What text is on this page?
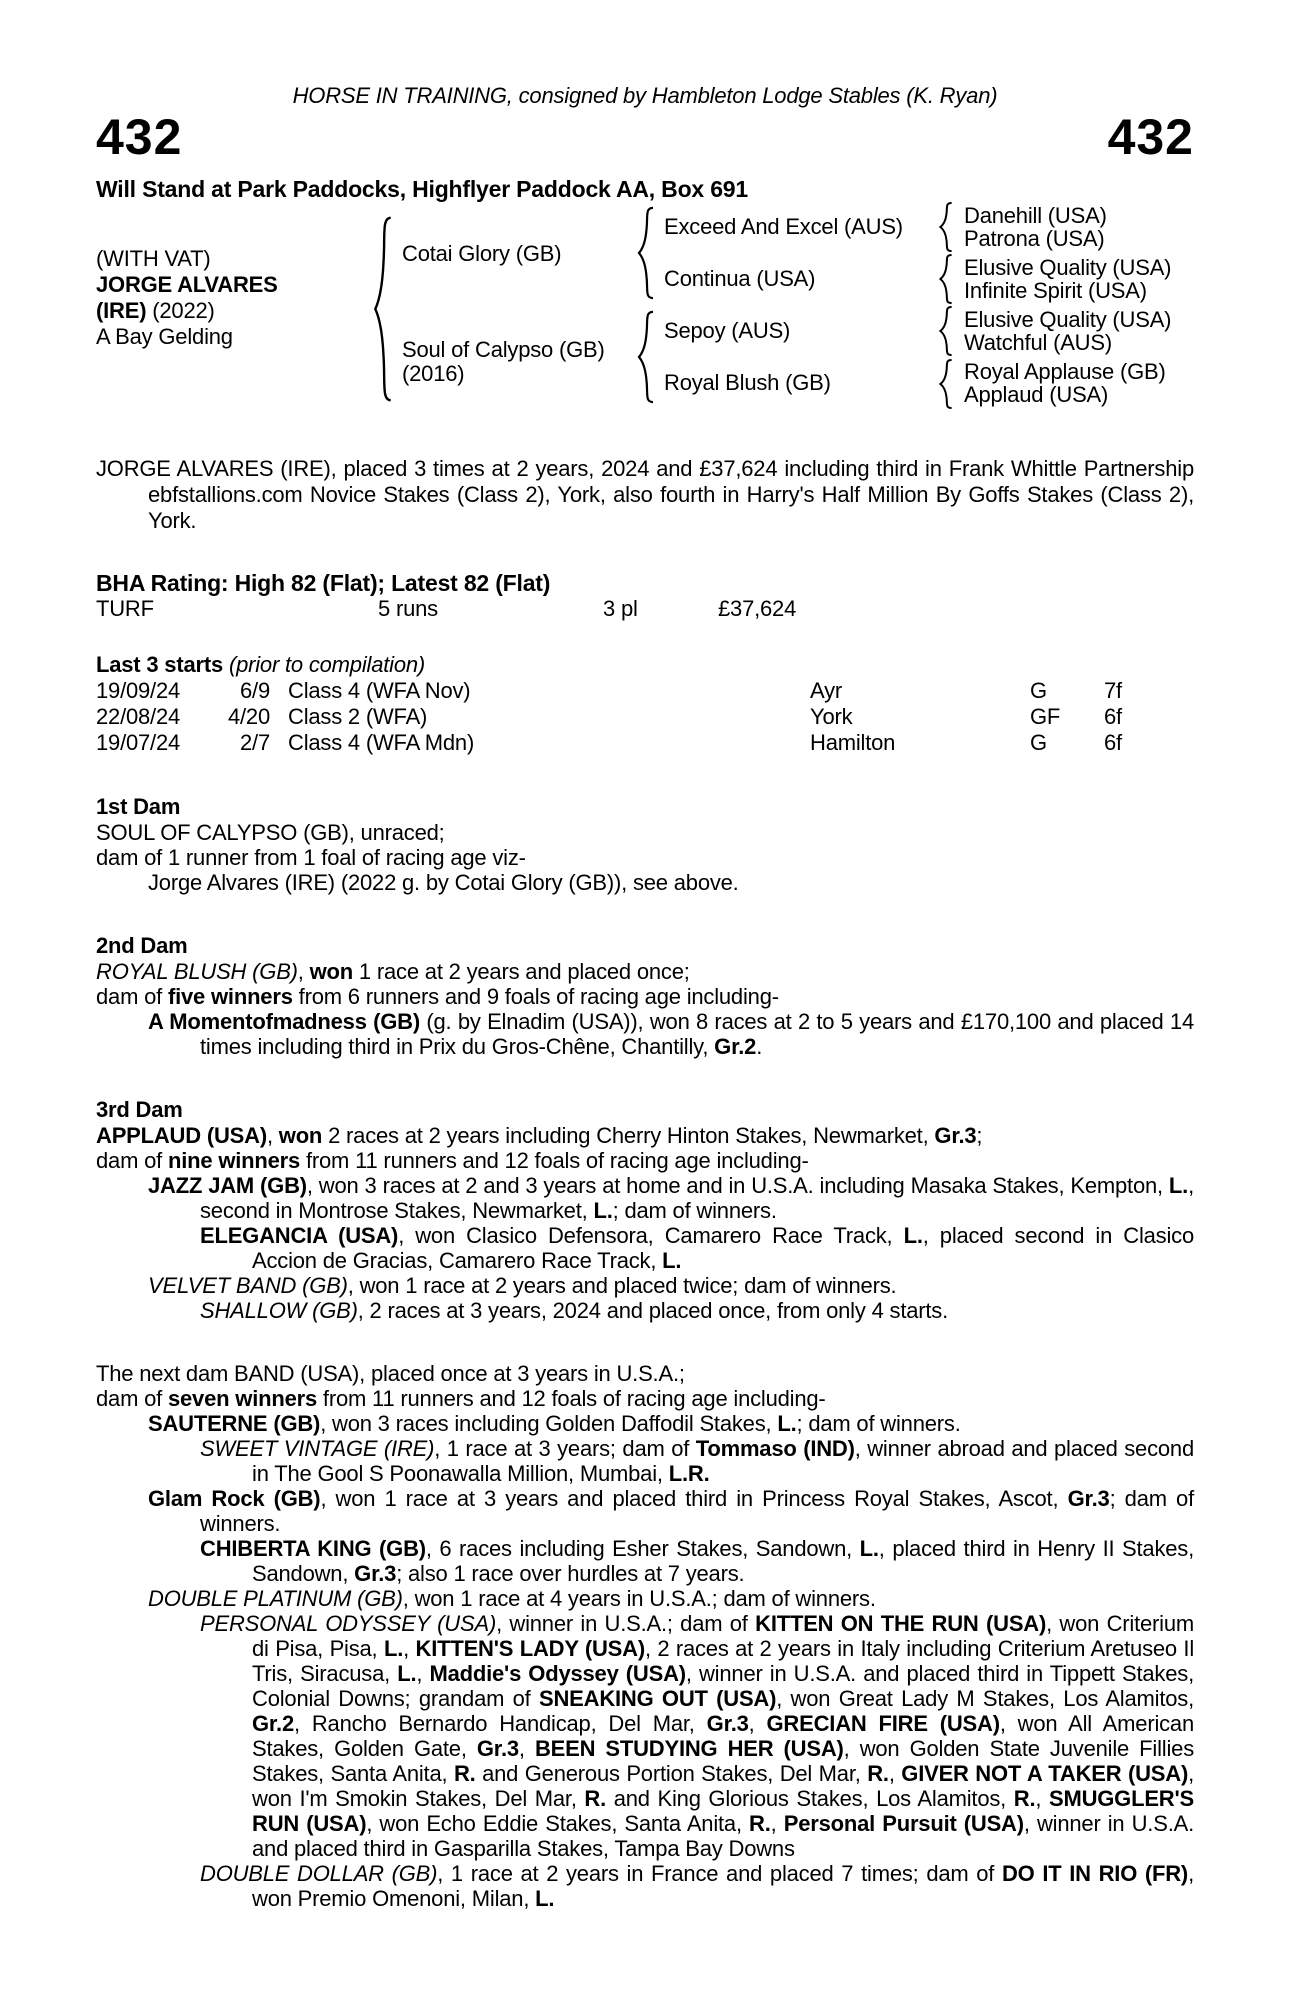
HORSE IN TRAINING, consigned by Hambleton Lodge Stables (K. Ryan)
432	432
Will Stand at Park Paddocks, Highflyer Paddock AA, Box 691
(WITH VAT)
JORGE ALVARES
(IRE) (2022)
A Bay Gelding
Cotai Glory (GB)
Soul of Calypso (GB)
(2016)
Exceed And Excel (AUS)
Continua (USA)
Sepoy (AUS)
Royal Blush (GB)
Danehill (USA)
Patrona (USA)
Elusive Quality (USA)
Infinite Spirit (USA)
Elusive Quality (USA)
Watchful (AUS)
Royal Applause (GB)
Applaud (USA)
JORGE ALVARES (IRE), placed 3 times at 2 years, 2024 and £37,624 including third in Frank Whittle Partnership ebfstallions.com Novice Stakes (Class 2), York, also fourth in Harry's Half Million By Goffs Stakes (Class 2), York.
BHA Rating: High 82 (Flat); Latest 82 (Flat)
TURF	5 runs	3 pl	£37,624
Last 3 starts (prior to compilation)
19/09/24	6/9 Class 4 (WFA Nov)	Ayr	G	7f
22/08/24	4/20 Class 2 (WFA)	York	GF	6f
19/07/24	2/7 Class 4 (WFA Mdn)	Hamilton	G	6f
1st Dam
SOUL OF CALYPSO (GB), unraced;
dam of 1 runner from 1 foal of racing age viz-
Jorge Alvares (IRE) (2022 g. by Cotai Glory (GB)), see above.
2nd Dam
ROYAL BLUSH (GB), won 1 race at 2 years and placed once;
dam of five winners from 6 runners and 9 foals of racing age including-
A Momentofmadness (GB) (g. by Elnadim (USA)), won 8 races at 2 to 5 years and £170,100 and placed 14 times including third in Prix du Gros-Chêne, Chantilly, Gr.2.
3rd Dam
APPLAUD (USA), won 2 races at 2 years including Cherry Hinton Stakes, Newmarket, Gr.3;
dam of nine winners from 11 runners and 12 foals of racing age including-
JAZZ JAM (GB), won 3 races at 2 and 3 years at home and in U.S.A. including Masaka Stakes, Kempton, L., second in Montrose Stakes, Newmarket, L.; dam of winners.
ELEGANCIA (USA), won Clasico Defensora, Camarero Race Track, L., placed second in Clasico Accion de Gracias, Camarero Race Track, L.
VELVET BAND (GB), won 1 race at 2 years and placed twice; dam of winners.
SHALLOW (GB), 2 races at 3 years, 2024 and placed once, from only 4 starts.
The next dam BAND (USA), placed once at 3 years in U.S.A.;
dam of seven winners from 11 runners and 12 foals of racing age including-
SAUTERNE (GB), won 3 races including Golden Daffodil Stakes, L.; dam of winners.
SWEET VINTAGE (IRE), 1 race at 3 years; dam of Tommaso (IND), winner abroad and placed second in The Gool S Poonawalla Million, Mumbai, L.R.
Glam Rock (GB), won 1 race at 3 years and placed third in Princess Royal Stakes, Ascot, Gr.3; dam of winners.
CHIBERTA KING (GB), 6 races including Esher Stakes, Sandown, L., placed third in Henry II Stakes, Sandown, Gr.3; also 1 race over hurdles at 7 years.
DOUBLE PLATINUM (GB), won 1 race at 4 years in U.S.A.; dam of winners.
PERSONAL ODYSSEY (USA), winner in U.S.A.; dam of KITTEN ON THE RUN (USA), won Criterium di Pisa, Pisa, L., KITTEN'S LADY (USA), 2 races at 2 years in Italy including Criterium Aretuseo Il Tris, Siracusa, L., Maddie's Odyssey (USA), winner in U.S.A. and placed third in Tippett Stakes, Colonial Downs; grandam of SNEAKING OUT (USA), won Great Lady M Stakes, Los Alamitos, Gr.2, Rancho Bernardo Handicap, Del Mar, Gr.3, GRECIAN FIRE (USA), won All American Stakes, Golden Gate, Gr.3, BEEN STUDYING HER (USA), won Golden State Juvenile Fillies Stakes, Santa Anita, R. and Generous Portion Stakes, Del Mar, R., GIVER NOT A TAKER (USA), won I'm Smokin Stakes, Del Mar, R. and King Glorious Stakes, Los Alamitos, R., SMUGGLER'S RUN (USA), won Echo Eddie Stakes, Santa Anita, R., Personal Pursuit (USA), winner in U.S.A. and placed third in Gasparilla Stakes, Tampa Bay Downs
DOUBLE DOLLAR (GB), 1 race at 2 years in France and placed 7 times; dam of DO IT IN RIO (FR), won Premio Omenoni, Milan, L.
